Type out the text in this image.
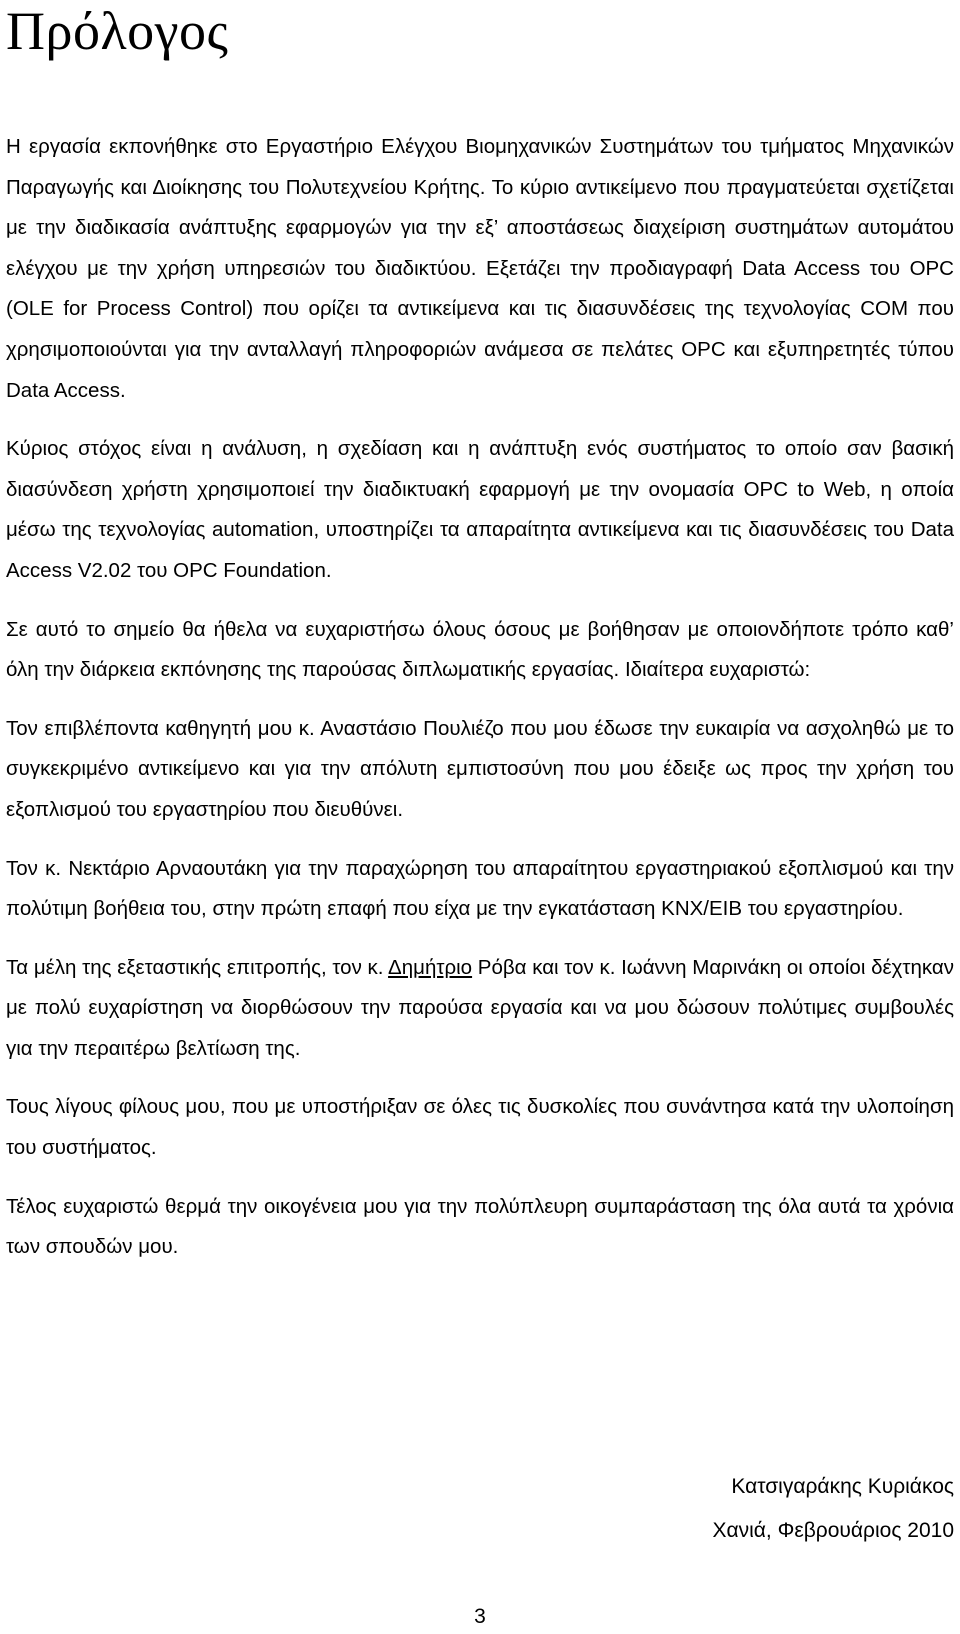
Πρόλογος

Η εργασία εκπονήθηκε στο Εργαστήριο Ελέγχου Βιομηχανικών Συστημάτων του τμήματος Μηχανικών Παραγωγής και Διοίκησης του Πολυτεχνείου Κρήτης. Το κύριο αντικείμενο που πραγματεύεται σχετίζεται με την διαδικασία ανάπτυξης εφαρμογών για την εξ’ αποστάσεως διαχείριση συστημάτων αυτομάτου ελέγχου με την χρήση υπηρεσιών του διαδικτύου. Εξετάζει την προδιαγραφή Data Access του OPC (OLE for Process Control) που ορίζει τα αντικείμενα και τις διασυνδέσεις της τεχνολογίας COM που χρησιμοποιούνται για την ανταλλαγή πληροφοριών ανάμεσα σε πελάτες OPC και εξυπηρετητές τύπου Data Access.

Κύριος στόχος είναι η ανάλυση, η σχεδίαση και η ανάπτυξη ενός συστήματος το οποίο σαν βασική διασύνδεση χρήστη χρησιμοποιεί την διαδικτυακή εφαρμογή με την ονομασία OPC to Web, η οποία μέσω της τεχνολογίας automation, υποστηρίζει τα απαραίτητα αντικείμενα και τις διασυνδέσεις του Data Access V2.02 του OPC Foundation.

Σε αυτό το σημείο θα ήθελα να ευχαριστήσω όλους όσους με βοήθησαν με οποιονδήποτε τρόπο καθ’ όλη την διάρκεια εκπόνησης της παρούσας διπλωματικής εργασίας. Ιδιαίτερα ευχαριστώ:

Τον επιβλέποντα καθηγητή μου κ. Αναστάσιο Πουλιέζο που μου έδωσε την ευκαιρία να ασχοληθώ με το συγκεκριμένο αντικείμενο και για την απόλυτη εμπιστοσύνη που μου έδειξε ως προς την χρήση του εξοπλισμού του εργαστηρίου που διευθύνει.

Τον κ. Νεκτάριο Αρναουτάκη για την παραχώρηση του απαραίτητου εργαστηριακού εξοπλισμού και την πολύτιμη βοήθεια του, στην πρώτη επαφή που είχα με την εγκατάσταση KNX/EIB του εργαστηρίου.

Τα μέλη της εξεταστικής επιτροπής, τον κ. Δημήτριο Ρόβα και τον κ. Ιωάννη Μαρινάκη οι οποίοι δέχτηκαν με πολύ ευχαρίστηση να διορθώσουν την παρούσα εργασία και να μου δώσουν πολύτιμες συμβουλές για την περαιτέρω βελτίωση της.

Τους λίγους φίλους μου, που με υποστήριξαν σε όλες τις δυσκολίες που συνάντησα κατά την υλοποίηση του συστήματος.

Τέλος ευχαριστώ θερμά την οικογένεια μου για την πολύπλευρη συμπαράσταση της όλα αυτά τα χρόνια των σπουδών μου.

Κατσιγαράκης Κυριάκος
Χανιά, Φεβρουάριος 2010
3
